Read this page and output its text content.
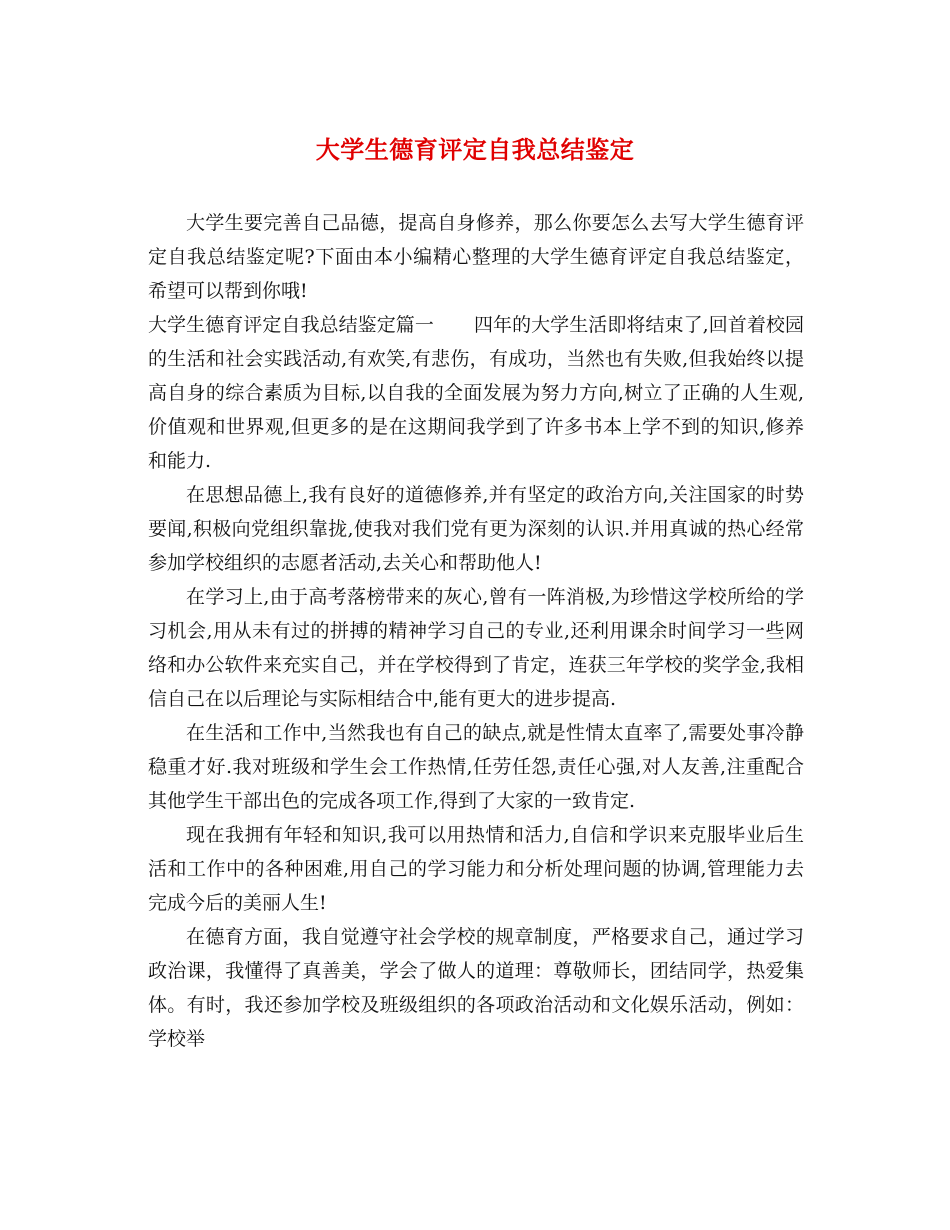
大学生德育评定自我总结鉴定

大学生要完善自己品德，提高自身修养，那么你要怎么去写大学生德育评定自我总结鉴定呢?下面由本小编精心整理的大学生德育评定自我总结鉴定，希望可以帮到你哦!

大学生德育评定自我总结鉴定篇一 四年的大学生活即将结束了,回首着校园的生活和社会实践活动,有欢笑,有悲伤，有成功，当然也有失败,但我始终以提高自身的综合素质为目标,以自我的全面发展为努力方向,树立了正确的人生观,价值观和世界观,但更多的是在这期间我学到了许多书本上学不到的知识,修养和能力.

在思想品德上,我有良好的道德修养,并有坚定的政治方向,关注国家的时势要闻,积极向党组织靠拢,使我对我们党有更为深刻的认识.并用真诚的热心经常参加学校组织的志愿者活动,去关心和帮助他人!

在学习上,由于高考落榜带来的灰心,曾有一阵消极,为珍惜这学校所给的学习机会,用从未有过的拼搏的精神学习自己的专业,还利用课余时间学习一些网络和办公软件来充实自己，并在学校得到了肯定，连获三年学校的奖学金,我相信自己在以后理论与实际相结合中,能有更大的进步提高.

在生活和工作中,当然我也有自己的缺点,就是性情太直率了,需要处事冷静稳重才好.我对班级和学生会工作热情,任劳任怨,责任心强,对人友善,注重配合其他学生干部出色的完成各项工作,得到了大家的一致肯定.

现在我拥有年轻和知识,我可以用热情和活力,自信和学识来克服毕业后生活和工作中的各种困难,用自己的学习能力和分析处理问题的协调,管理能力去完成今后的美丽人生!

在德育方面，我自觉遵守社会学校的规章制度，严格要求自己，通过学习政治课，我懂得了真善美，学会了做人的道理：尊敬师长，团结同学，热爱集体。有时，我还参加学校及班级组织的各项政治活动和文化娱乐活动，例如：学校举
